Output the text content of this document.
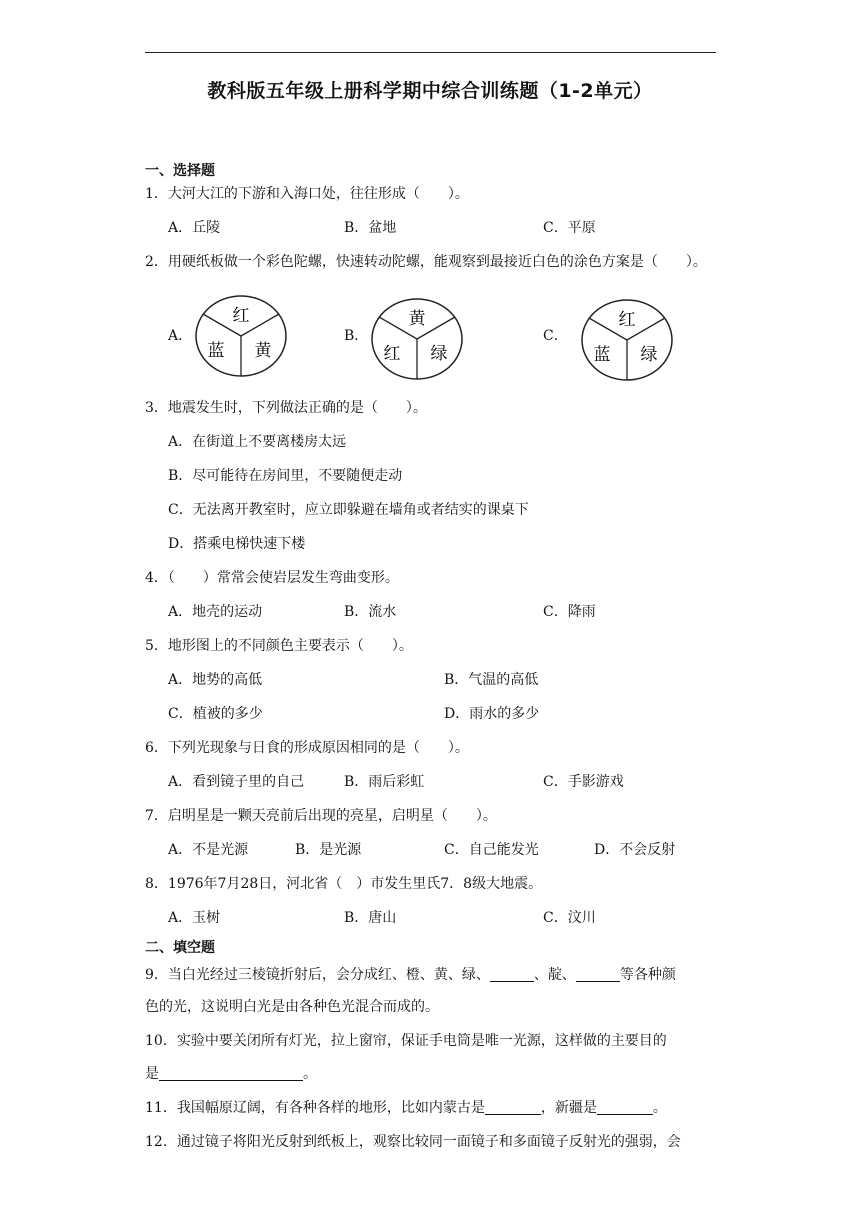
教科版五年级上册科学期中综合训练题（1-2单元）
一、选择题
1．大河大江的下游和入海口处，往往形成（　　）。
A．丘陵	B．盆地	C．平原
2．用硬纸板做一个彩色陀螺，快速转动陀螺，能观察到最接近白色的涂色方案是（　　）。
A．	B．	C．
红
蓝 黄
黄
红 绿
红
蓝 绿
3．地震发生时，下列做法正确的是（　　）。
A．在街道上不要离楼房太远
B．尽可能待在房间里，不要随便走动
C．无法离开教室时，应立即躲避在墙角或者结实的课桌下
D．搭乘电梯快速下楼
4．（　　）常常会使岩层发生弯曲变形。
A．地壳的运动	B．流水	C．降雨
5．地形图上的不同颜色主要表示（　　）。
A．地势的高低	B．气温的高低
C．植被的多少	D．雨水的多少
6．下列光现象与日食的形成原因相同的是（　　）。
A．看到镜子里的自己	B．雨后彩虹	C．手影游戏
7．启明星是一颗天亮前后出现的亮星，启明星（　　）。
A．不是光源	B．是光源	C．自己能发光	D．不会反射
8．1976年7月28日，河北省（　）市发生里氏7．8级大地震。
A．玉树	B．唐山	C．汶川
二、填空题
9．当白光经过三棱镜折射后，会分成红、橙、黄、绿、	、靛、	等各种颜
色的光，这说明白光是由各种色光混合而成的。
10．实验中要关闭所有灯光，拉上窗帘，保证手电筒是唯一光源，这样做的主要目的
是	。
11．我国幅原辽阔，有各种各样的地形，比如内蒙古是	，新疆是	。
12．通过镜子将阳光反射到纸板上，观察比较同一面镜子和多面镜子反射光的强弱，会
